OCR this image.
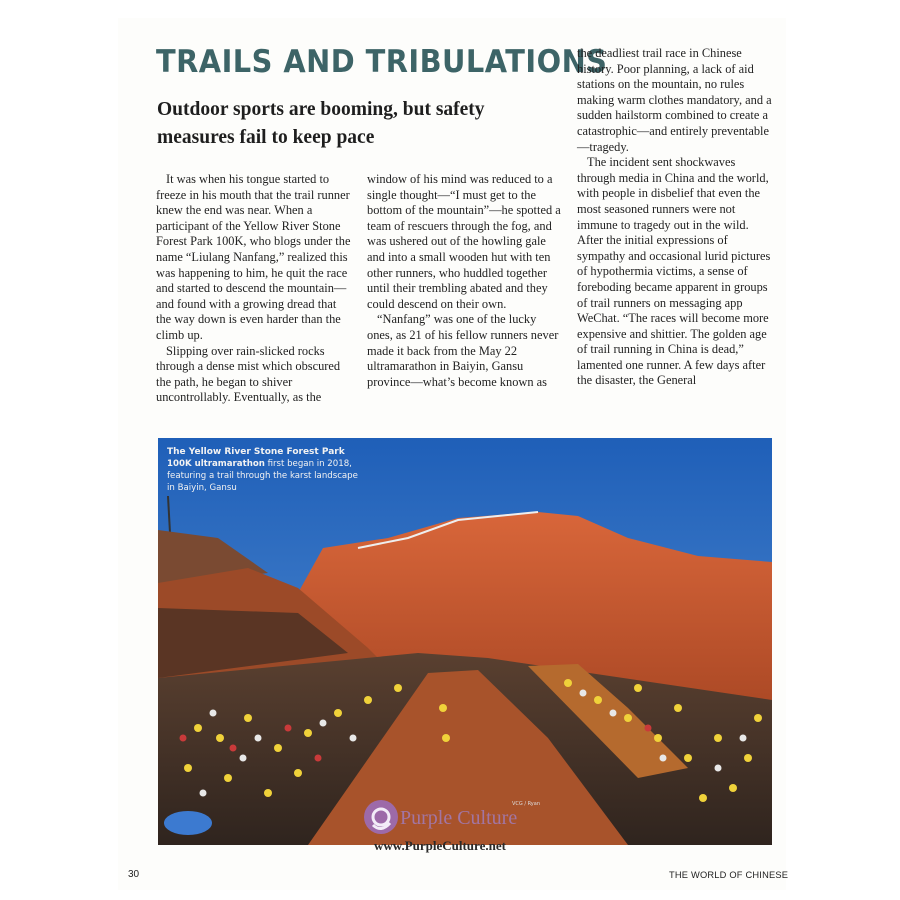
TRAILS AND TRIBULATIONS
Outdoor sports are booming, but safety measures fail to keep pace

It was when his tongue started to freeze in his mouth that the trail runner knew the end was near. When a participant of the Yellow River Stone Forest Park 100K, who blogs under the name “Liulang Nanfang,” realized this was happening to him, he quit the race and started to descend the mountain—and found with a growing dread that the way down is even harder than the climb up.

Slipping over rain-slicked rocks through a dense mist which obscured the path, he began to shiver uncontrollably. Eventually, as the

window of his mind was reduced to a single thought—“I must get to the bottom of the mountain”—he spotted a team of rescuers through the fog, and was ushered out of the howling gale and into a small wooden hut with ten other runners, who huddled together until their trembling abated and they could descend on their own.

“Nanfang” was one of the lucky ones, as 21 of his fellow runners never made it back from the May 22 ultramarathon in Baiyin, Gansu province—what’s become known as

the deadliest trail race in Chinese history. Poor planning, a lack of aid stations on the mountain, no rules making warm clothes mandatory, and a sudden hailstorm combined to create a catastrophic—and entirely preventable—tragedy.

The incident sent shockwaves through media in China and the world, with people in disbelief that even the most seasoned runners were not immune to tragedy out in the wild. After the initial expressions of sympathy and occasional lurid pictures of hypothermia victims, a sense of foreboding became apparent in groups of trail runners on messaging app WeChat. “The races will become more expensive and shittier. The golden age of trail running in China is dead,” lamented one runner. A few days after the disaster, the General

The Yellow River Stone Forest Park
100K ultramarathon first began in 2018, featuring a trail through the karst landscape in Baiyin, Gansu
VCG / Ryan
Purple Culture
www.PurpleCulture.net
30	THE WORLD OF CHINESE
